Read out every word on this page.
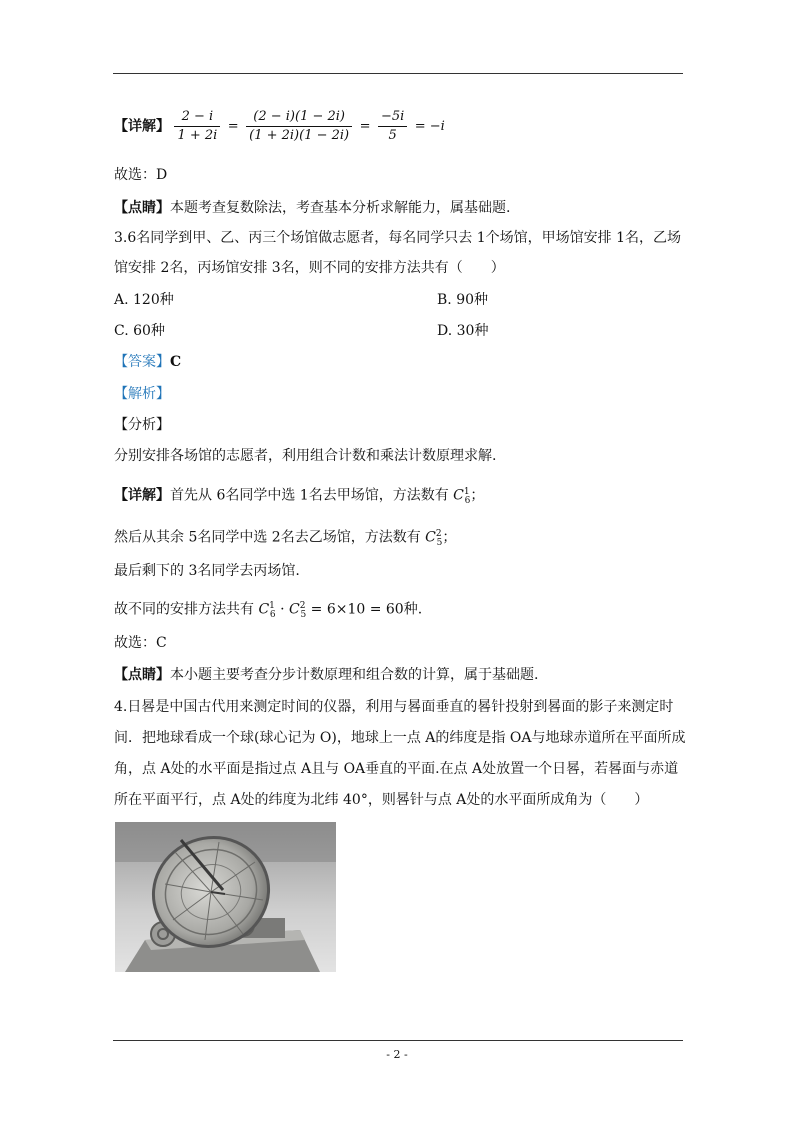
【详解】 $\frac{2 - i}{1 + 2i} = \frac{(2 - i)(1 - 2i)}{(1 + 2i)(1 - 2i)} = \frac{-5i}{5} = -i$
故选：D
【点睛】本题考查复数除法，考查基本分析求解能力，属基础题.
3.6名同学到甲、乙、丙三个场馆做志愿者，每名同学只去 1个场馆，甲场馆安排 1名，乙场
馆安排 2名，丙场馆安排 3名，则不同的安排方法共有（　　）
A. 120种	B. 90种
C. 60种	D. 30种
【答案】C
【解析】
【分析】
分别安排各场馆的志愿者，利用组合计数和乘法计数原理求解.
【详解】首先从 6名同学中选 1名去甲场馆，方法数有 $C^1_6$；
然后从其余 5名同学中选 2名去乙场馆，方法数有 $C^2_5$；
最后剩下的 3名同学去丙场馆.
故不同的安排方法共有 $C^1_6 \cdot C^2_5 = 6\times 10 = 60$种.
故选：C
【点睛】本小题主要考查分步计数原理和组合数的计算，属于基础题.
4.日晷是中国古代用来测定时间的仪器，利用与晷面垂直的晷针投射到晷面的影子来测定时
间．把地球看成一个球(球心记为 O)，地球上一点 A的纬度是指 OA与地球赤道所在平面所成
角，点 A处的水平面是指过点 A且与 OA垂直的平面.在点 A处放置一个日晷，若晷面与赤道
所在平面平行，点 A处的纬度为北纬 40°，则晷针与点 A处的水平面所成角为（　　）
- 2 -
